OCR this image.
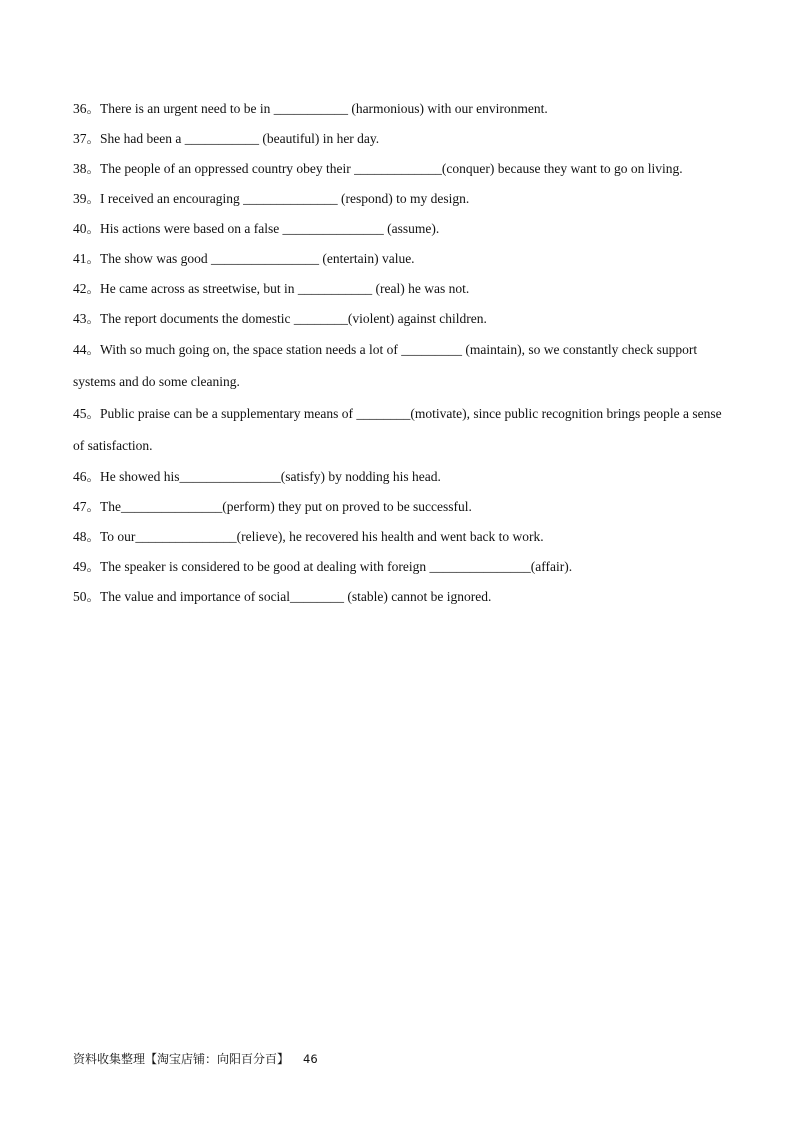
36。There is an urgent need to be in ___________ (harmonious) with our environment.
37。She had been a ___________ (beautiful) in her day.
38。The people of an oppressed country obey their _____________(conquer) because they want to go on living.
39。I received an encouraging ______________ (respond) to my design.
40。His actions were based on a false _______________ (assume).
41。The show was good ________________ (entertain) value.
42。He came across as streetwise, but in ___________ (real) he was not.
43。The report documents the domestic ________(violent) against children.
44。With so much going on, the space station needs a lot of _________ (maintain), so we constantly check support systems and do some cleaning.
45。Public praise can be a supplementary means of ________(motivate), since public recognition brings people a sense of satisfaction.
46。He showed his_______________(satisfy) by nodding his head.
47。The_______________(perform) they put on proved to be successful.
48。To our_______________(relieve), he recovered his health and went back to work.
49。The speaker is considered to be good at dealing with foreign _______________(affair).
50。The value and importance of social________ (stable) cannot be ignored.
资料收集整理【淘宝店铺：向阳百分百】 46
